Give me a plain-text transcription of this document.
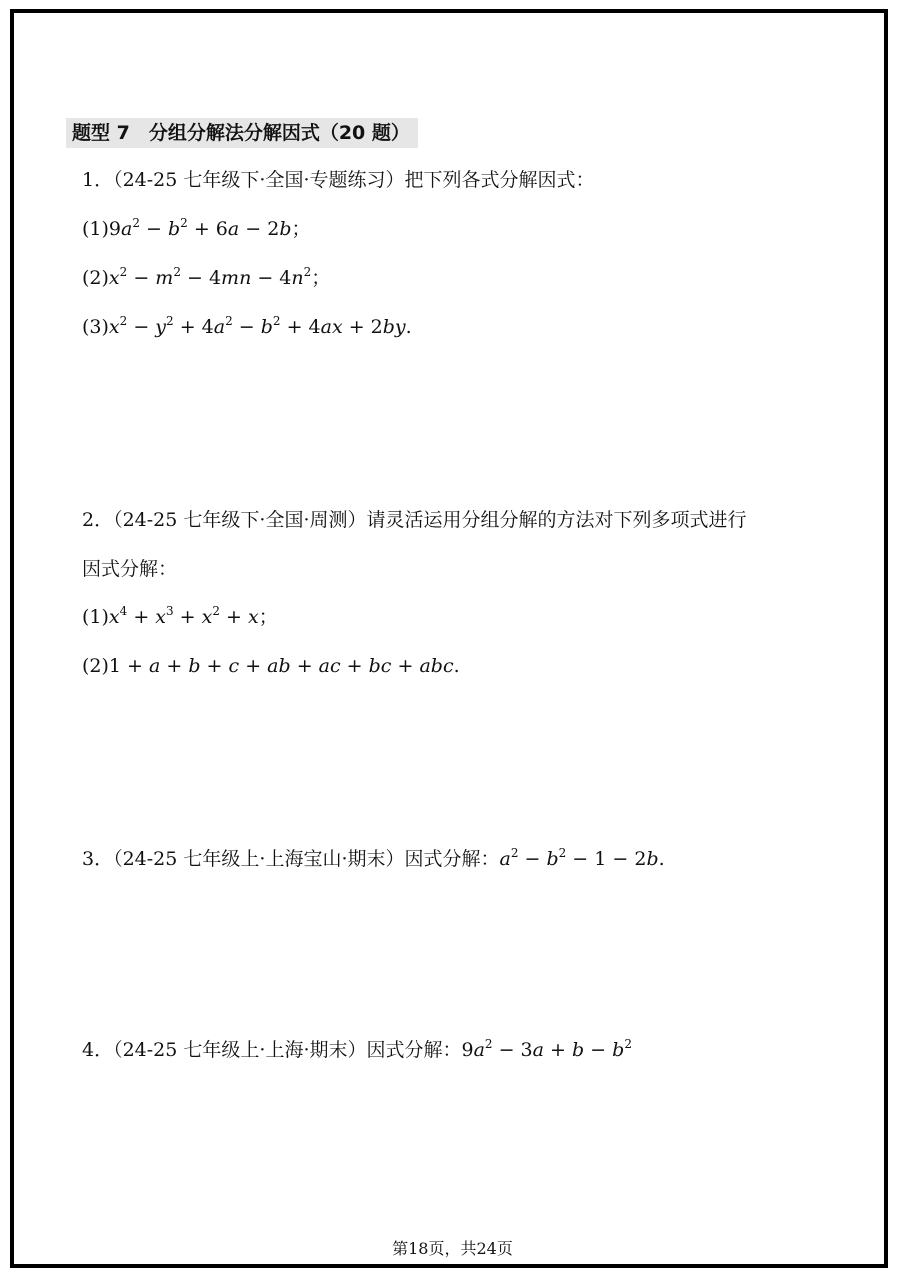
题型 7　分组分解法分解因式（20 题）
1．（24-25 七年级下·全国·专题练习）把下列各式分解因式：
$(1)9a^2 - b^2 + 6a - 2b$；
$(2)x^2 - m^2 - 4mn - 4n^2$；
$(3)x^2 - y^2 + 4a^2 - b^2 + 4ax + 2by$.
2．（24-25 七年级下·全国·周测）请灵活运用分组分解的方法对下列多项式进行
因式分解：
$(1)x^4 + x^3 + x^2 + x$；
(2)1 + a + b + c + ab + ac + bc + abc.
3．（24-25 七年级上·上海宝山·期末）因式分解：$a^2 - b^2 - 1 - 2b$.
4．（24-25 七年级上·上海·期末）因式分解：$9a^2 - 3a + b - b^2$
第18页，共24页
